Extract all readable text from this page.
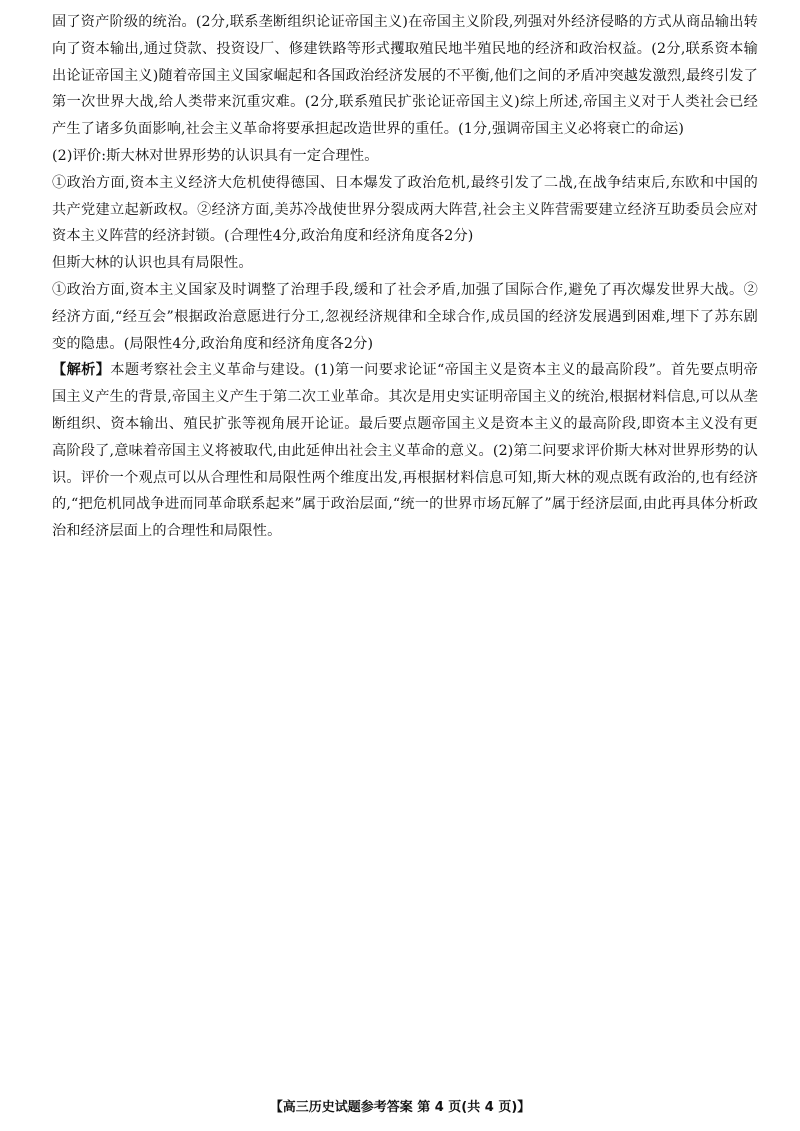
固了资产阶级的统治。(2分,联系垄断组织论证帝国主义)在帝国主义阶段,列强对外经济侵略的方式从商品输出转向了资本输出,通过贷款、投资设厂、修建铁路等形式攫取殖民地半殖民地的经济和政治权益。(2分,联系资本输出论证帝国主义)随着帝国主义国家崛起和各国政治经济发展的不平衡,他们之间的矛盾冲突越发激烈,最终引发了第一次世界大战,给人类带来沉重灾难。(2分,联系殖民扩张论证帝国主义)综上所述,帝国主义对于人类社会已经产生了诸多负面影响,社会主义革命将要承担起改造世界的重任。(1分,强调帝国主义必将衰亡的命运)

(2)评价:斯大林对世界形势的认识具有一定合理性。

①政治方面,资本主义经济大危机使得德国、日本爆发了政治危机,最终引发了二战,在战争结束后,东欧和中国的共产党建立起新政权。②经济方面,美苏冷战使世界分裂成两大阵营,社会主义阵营需要建立经济互助委员会应对资本主义阵营的经济封锁。(合理性4分,政治角度和经济角度各2分)

但斯大林的认识也具有局限性。

①政治方面,资本主义国家及时调整了治理手段,缓和了社会矛盾,加强了国际合作,避免了再次爆发世界大战。②经济方面,“经互会”根据政治意愿进行分工,忽视经济规律和全球合作,成员国的经济发展遇到困难,埋下了苏东剧变的隐患。(局限性4分,政治角度和经济角度各2分)

【解析】本题考察社会主义革命与建设。(1)第一问要求论证“帝国主义是资本主义的最高阶段”。首先要点明帝国主义产生的背景,帝国主义产生于第二次工业革命。其次是用史实证明帝国主义的统治,根据材料信息,可以从垄断组织、资本输出、殖民扩张等视角展开论证。最后要点题帝国主义是资本主义的最高阶段,即资本主义没有更高阶段了,意味着帝国主义将被取代,由此延伸出社会主义革命的意义。(2)第二问要求评价斯大林对世界形势的认识。评价一个观点可以从合理性和局限性两个维度出发,再根据材料信息可知,斯大林的观点既有政治的,也有经济的,“把危机同战争进而同革命联系起来”属于政治层面,“统一的世界市场瓦解了”属于经济层面,由此再具体分析政治和经济层面上的合理性和局限性。

【高三历史试题参考答案 第 4 页(共 4 页)】
